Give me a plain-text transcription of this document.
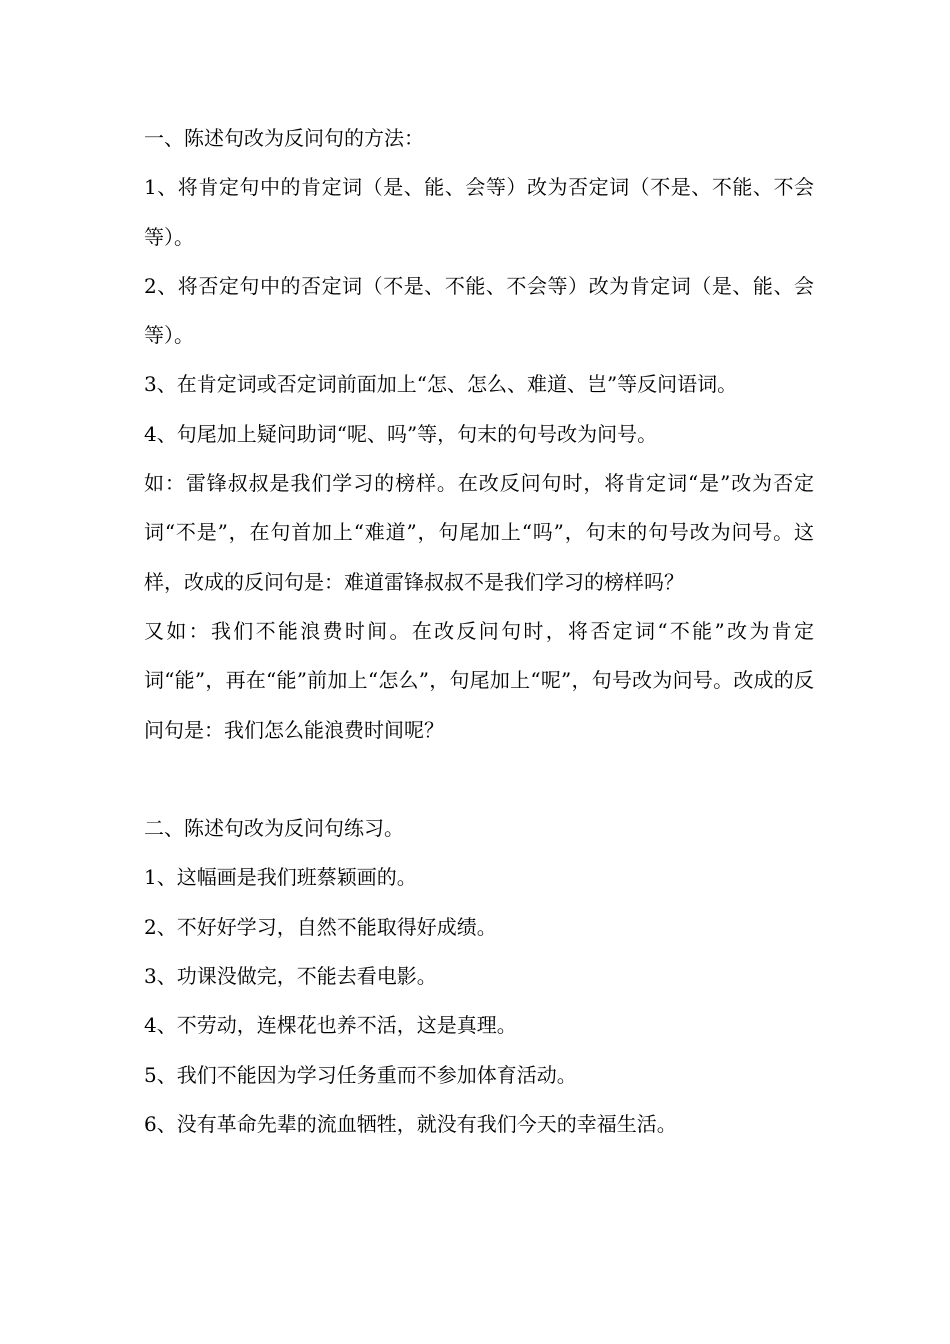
一、陈述句改为反问句的方法：

1、将肯定句中的肯定词（是、能、会等）改为否定词（不是、不能、不会等）。

2、将否定句中的否定词（不是、不能、不会等）改为肯定词（是、能、会等）。

3、在肯定词或否定词前面加上“怎、怎么、难道、岂”等反问语词。

4、句尾加上疑问助词“呢、吗”等，句末的句号改为问号。

如：雷锋叔叔是我们学习的榜样。在改反问句时，将肯定词“是”改为否定词“不是”，在句首加上“难道”，句尾加上“吗”，句末的句号改为问号。这样，改成的反问句是：难道雷锋叔叔不是我们学习的榜样吗？

又如：我们不能浪费时间。在改反问句时，将否定词“不能”改为肯定词“能”，再在“能”前加上“怎么”，句尾加上“呢”，句号改为问号。改成的反问句是：我们怎么能浪费时间呢？

二、陈述句改为反问句练习。

1、这幅画是我们班蔡颖画的。

2、不好好学习，自然不能取得好成绩。

3、功课没做完，不能去看电影。

4、不劳动，连棵花也养不活，这是真理。

5、我们不能因为学习任务重而不参加体育活动。

6、没有革命先辈的流血牺牲，就没有我们今天的幸福生活。
